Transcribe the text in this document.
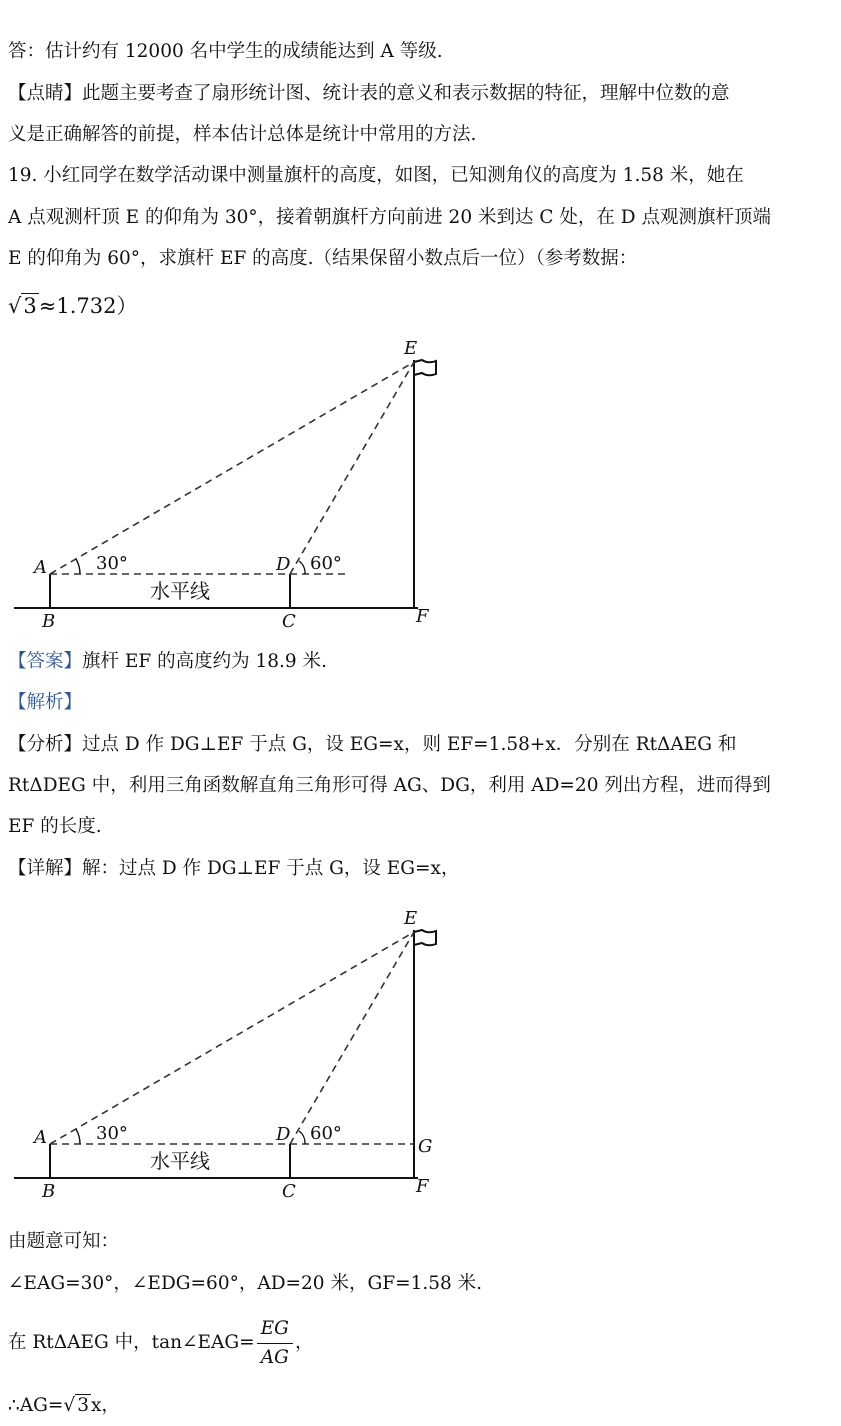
答：估计约有 12000 名中学生的成绩能达到 A 等级.
【点睛】此题主要考查了扇形统计图、统计表的意义和表示数据的特征，理解中位数的意
义是正确解答的前提，样本估计总体是统计中常用的方法.
19. 小红同学在数学活动课中测量旗杆的高度，如图，已知测角仪的高度为 1.58 米，她在
A 点观测杆顶 E 的仰角为 30°，接着朝旗杆方向前进 20 米到达 C 处，在 D 点观测旗杆顶端
E 的仰角为 60°，求旗杆 EF 的高度.（结果保留小数点后一位）（参考数据：
√3≈1.732）
A
B	C
D
E
F
30°	60°
水平线
【答案】旗杆 EF 的高度约为 18.9 米.
【解析】
【分析】过点 D 作 DG⊥EF 于点 G，设 EG=x，则 EF=1.58+x．分别在 RtΔAEG 和
RtΔDEG 中，利用三角函数解直角三角形可得 AG、DG，利用 AD=20 列出方程，进而得到
EF 的长度.
【详解】解：过点 D 作 DG⊥EF 于点 G，设 EG=x，
A
B	C
D
E
F
G
30°	60°
水平线
由题意可知：
∠EAG=30°，∠EDG=60°，AD=20 米，GF=1.58 米.
在 RtΔAEG 中，tan∠EAG= $\frac{EG}{AG}$ ，
∴AG=√ 3 x，
